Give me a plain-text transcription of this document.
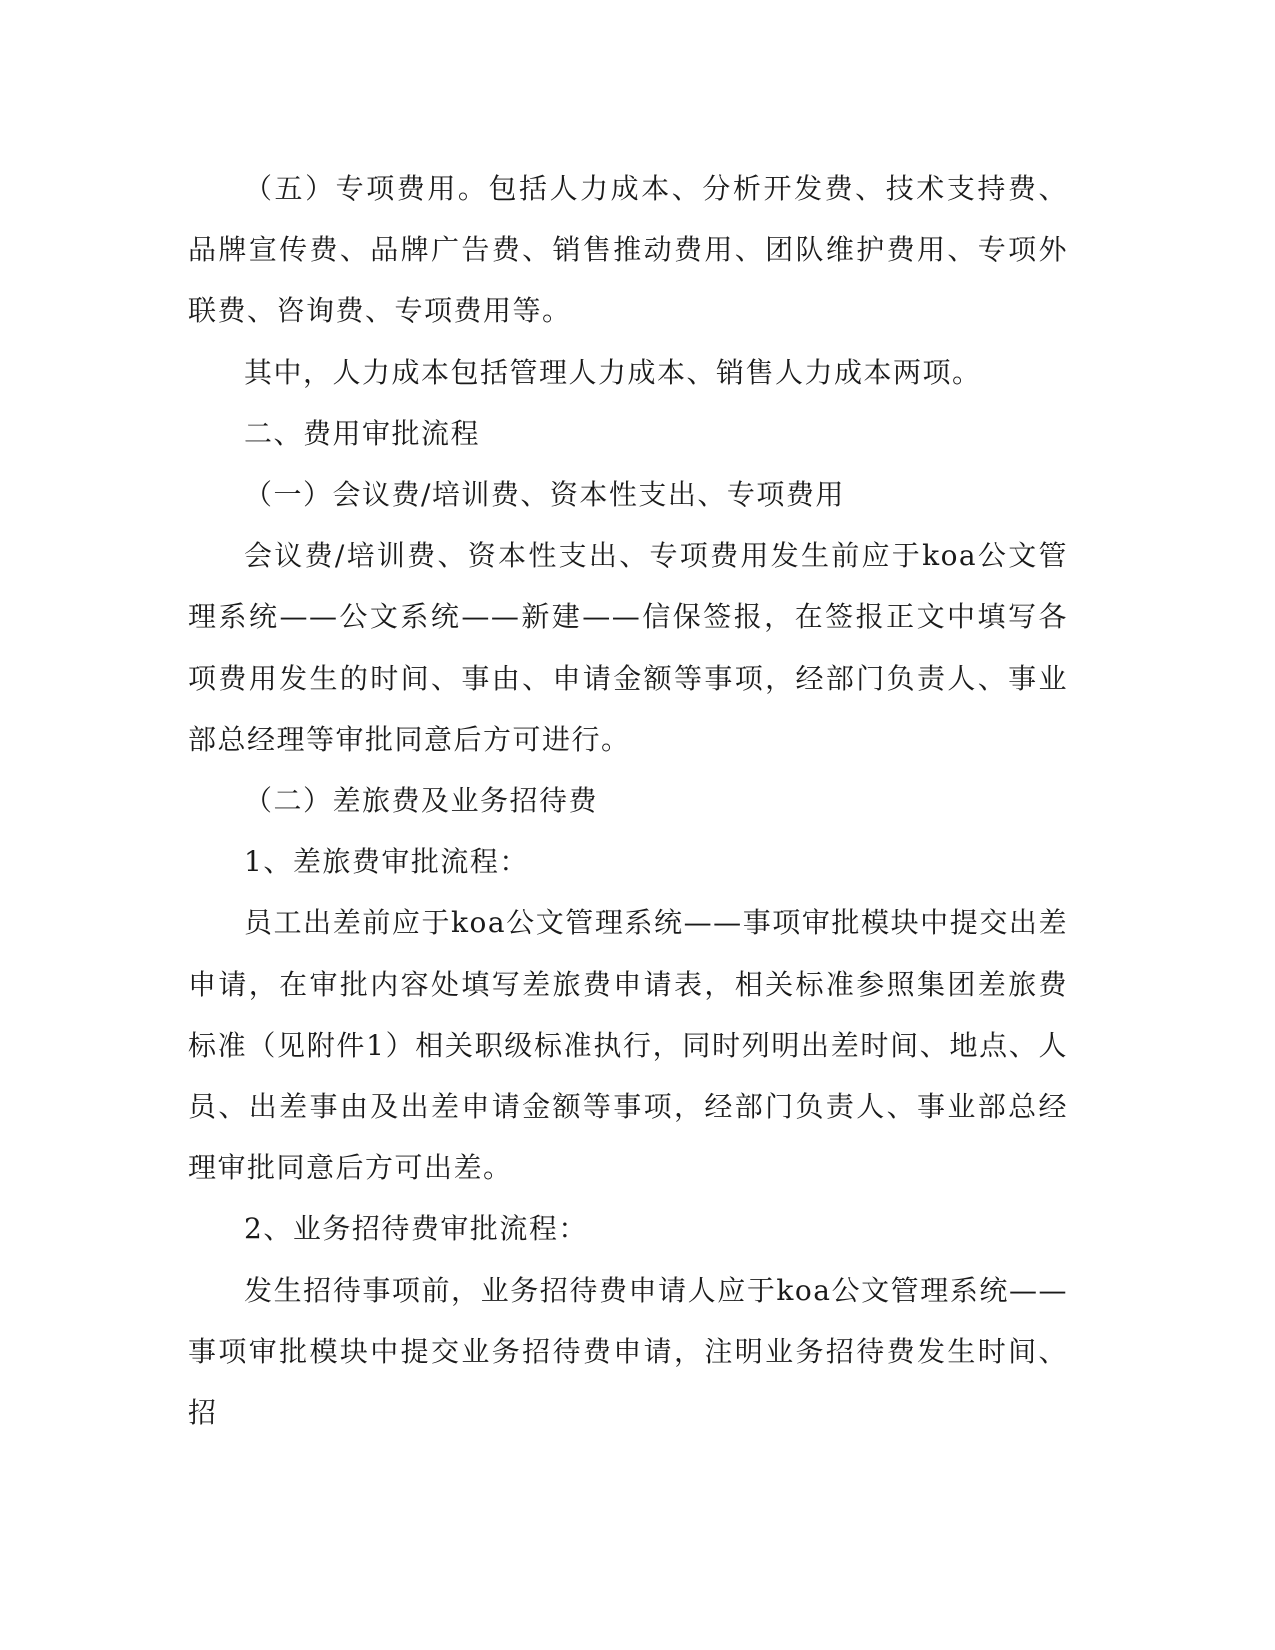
（五）专项费用。包括人力成本、分析开发费、技术支持费、品牌宣传费、品牌广告费、销售推动费用、团队维护费用、专项外联费、咨询费、专项费用等。

其中，人力成本包括管理人力成本、销售人力成本两项。

二、费用审批流程

（一）会议费/培训费、资本性支出、专项费用

会议费/培训费、资本性支出、专项费用发生前应于koa公文管理系统——公文系统——新建——信保签报，在签报正文中填写各项费用发生的时间、事由、申请金额等事项，经部门负责人、事业部总经理等审批同意后方可进行。

（二）差旅费及业务招待费

1、差旅费审批流程：

员工出差前应于koa公文管理系统——事项审批模块中提交出差申请，在审批内容处填写差旅费申请表，相关标准参照集团差旅费标准（见附件1）相关职级标准执行，同时列明出差时间、地点、人员、出差事由及出差申请金额等事项，经部门负责人、事业部总经理审批同意后方可出差。

2、业务招待费审批流程：

发生招待事项前，业务招待费申请人应于koa公文管理系统——事项审批模块中提交业务招待费申请，注明业务招待费发生时间、招
